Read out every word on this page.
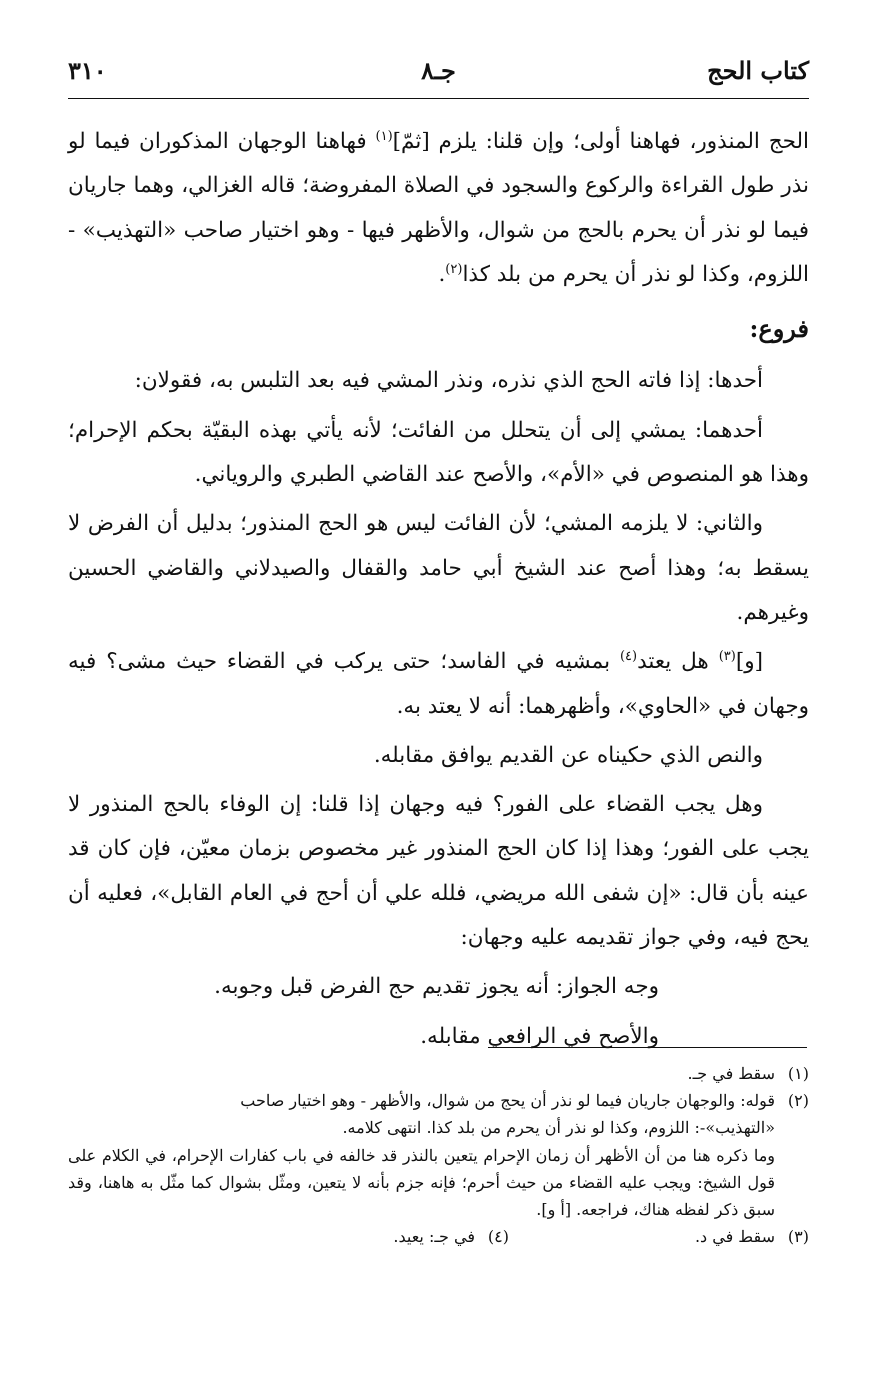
كتاب الحج
جـ٨
٣١٠

الحج المنذور، فهاهنا أولى؛ وإن قلنا: يلزم [ثمّ]$^{(١)}$ فهاهنا الوجهان المذكوران فيما لو نذر طول القراءة والركوع والسجود في الصلاة المفروضة؛ قاله الغزالي، وهما جاريان فيما لو نذر أن يحرم بالحج من شوال، والأظهر فيها - وهو اختيار صاحب «التهذيب» - اللزوم، وكذا لو نذر أن يحرم من بلد كذا$^{(٢)}$.

فروع:

أحدها: إذا فاته الحج الذي نذره، ونذر المشي فيه بعد التلبس به، فقولان:

أحدهما: يمشي إلى أن يتحلل من الفائت؛ لأنه يأتي بهذه البقيّة بحكم الإحرام؛ وهذا هو المنصوص في «الأم»، والأصح عند القاضي الطبري والروياني.

والثاني: لا يلزمه المشي؛ لأن الفائت ليس هو الحج المنذور؛ بدليل أن الفرض لا يسقط به؛ وهذا أصح عند الشيخ أبي حامد والقفال والصيدلاني والقاضي الحسين وغيرهم.

[و]$^{(٣)}$ هل يعتد$^{(٤)}$ بمشيه في الفاسد؛ حتى يركب في القضاء حيث مشى؟ فيه وجهان في «الحاوي»، وأظهرهما: أنه لا يعتد به.

والنص الذي حكيناه عن القديم يوافق مقابله.

وهل يجب القضاء على الفور؟ فيه وجهان إذا قلنا: إن الوفاء بالحج المنذور لا يجب على الفور؛ وهذا إذا كان الحج المنذور غير مخصوص بزمان معيّن، فإن كان قد عينه بأن قال: «إن شفى الله مريضي، فلله علي أن أحج في العام القابل»، فعليه أن يحج فيه، وفي جواز تقديمه عليه وجهان:

وجه الجواز: أنه يجوز تقديم حج الفرض قبل وجوبه.

والأصح في الرافعي مقابله.

(١)سقط في جـ.

(٢)قوله: والوجهان جاريان فيما لو نذر أن يحج من شوال، والأظهر - وهو اختيار صاحب

«التهذيب»-: اللزوم، وكذا لو نذر أن يحرم من بلد كذا. انتهى كلامه.

وما ذكره هنا من أن الأظهر أن زمان الإحرام يتعين بالنذر قد خالفه في باب كفارات الإحرام، في الكلام على قول الشيخ: ويجب عليه القضاء من حيث أحرم؛ فإنه جزم بأنه لا يتعين، ومثّل بشوال كما مثّل به هاهنا، وقد سبق ذكر لفظه هناك، فراجعه. [أ و].

(٣)سقط في د.(٤)في جـ: يعيد.
